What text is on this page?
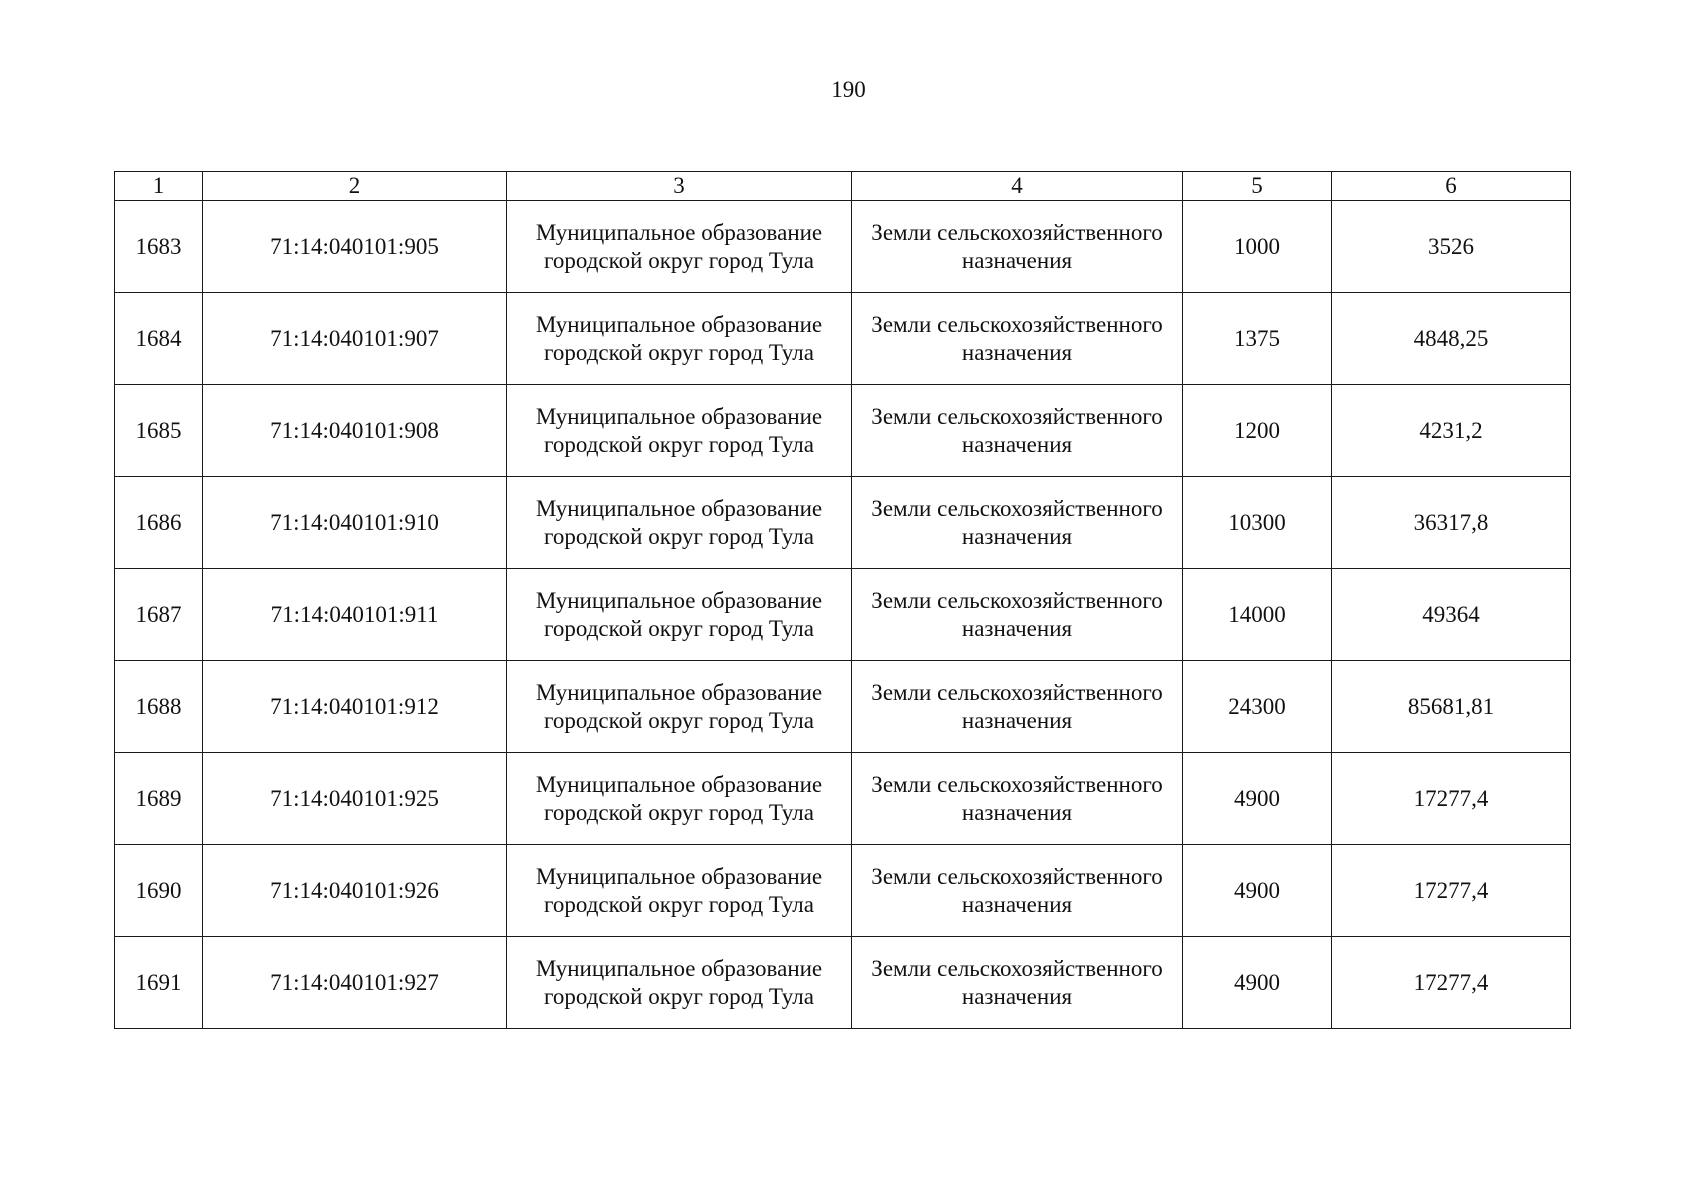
190
1	2	3	4	5	6
1683	71:14:040101:905	Муниципальное образование городской округ город Тула	Земли сельскохозяйственного назначения	1000	3526
1684	71:14:040101:907	Муниципальное образование городской округ город Тула	Земли сельскохозяйственного назначения	1375	4848,25
1685	71:14:040101:908	Муниципальное образование городской округ город Тула	Земли сельскохозяйственного назначения	1200	4231,2
1686	71:14:040101:910	Муниципальное образование городской округ город Тула	Земли сельскохозяйственного назначения	10300	36317,8
1687	71:14:040101:911	Муниципальное образование городской округ город Тула	Земли сельскохозяйственного назначения	14000	49364
1688	71:14:040101:912	Муниципальное образование городской округ город Тула	Земли сельскохозяйственного назначения	24300	85681,81
1689	71:14:040101:925	Муниципальное образование городской округ город Тула	Земли сельскохозяйственного назначения	4900	17277,4
1690	71:14:040101:926	Муниципальное образование городской округ город Тула	Земли сельскохозяйственного назначения	4900	17277,4
1691	71:14:040101:927	Муниципальное образование городской округ город Тула	Земли сельскохозяйственного назначения	4900	17277,4
